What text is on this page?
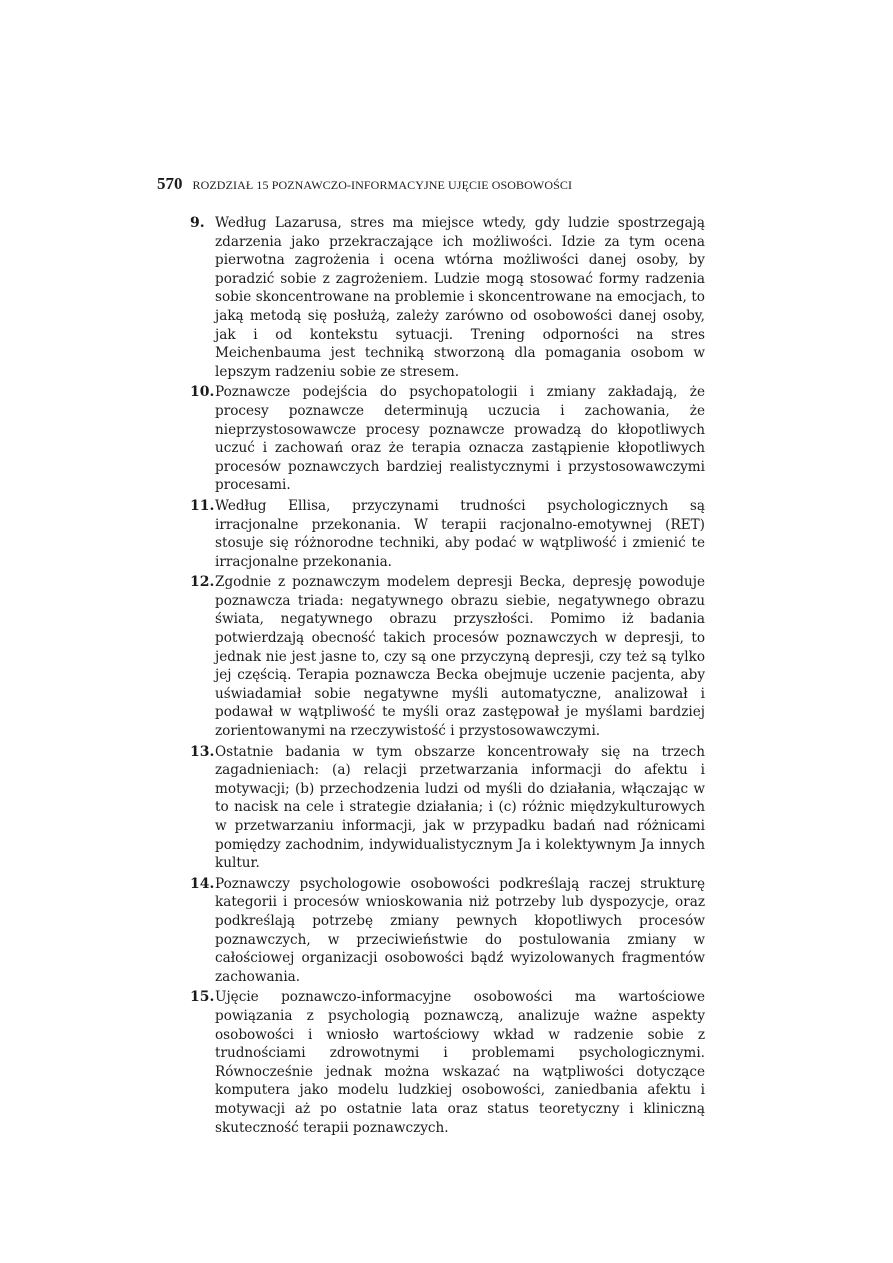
570 ROZDZIAŁ 15 POZNAWCZO-INFORMACYJNE UJĘCIE OSOBOWOŚCI
9. Według Lazarusa, stres ma miejsce wtedy, gdy ludzie spostrzegają zdarzenia jako przekraczające ich możliwości. Idzie za tym ocena pierwotna zagrożenia i ocena wtórna możliwości danej osoby, by poradzić sobie z zagrożeniem. Ludzie mogą stosować formy radzenia sobie skoncentrowane na problemie i skoncentrowane na emocjach, to jaką metodą się posłużą, zależy zarówno od osobowości danej osoby, jak i od kontekstu sytuacji. Trening odporności na stres Meichenbauma jest techniką stworzoną dla pomagania osobom w lepszym radzeniu sobie ze stresem.
10. Poznawcze podejścia do psychopatologii i zmiany zakładają, że procesy poznawcze determinują uczucia i zachowania, że nieprzystosowawcze procesy poznawcze prowadzą do kłopotliwych uczuć i zachowań oraz że terapia oznacza zastąpienie kłopotliwych procesów poznawczych bardziej realistycznymi i przystosowawczymi procesami.
11. Według Ellisa, przyczynami trudności psychologicznych są irracjonalne przekonania. W terapii racjonalno-emotywnej (RET) stosuje się różnorodne techniki, aby podać w wątpliwość i zmienić te irracjonalne przekonania.
12. Zgodnie z poznawczym modelem depresji Becka, depresję powoduje poznawcza triada: negatywnego obrazu siebie, negatywnego obrazu świata, negatywnego obrazu przyszłości. Pomimo iż badania potwierdzają obecność takich procesów poznawczych w depresji, to jednak nie jest jasne to, czy są one przyczyną depresji, czy też są tylko jej częścią. Terapia poznawcza Becka obejmuje uczenie pacjenta, aby uświadamiał sobie negatywne myśli automatyczne, analizował i podawał w wątpliwość te myśli oraz zastępował je myślami bardziej zorientowanymi na rzeczywistość i przystosowawczymi.
13. Ostatnie badania w tym obszarze koncentrowały się na trzech zagadnieniach: (a) relacji przetwarzania informacji do afektu i motywacji; (b) przechodzenia ludzi od myśli do działania, włączając w to nacisk na cele i strategie działania; i (c) różnic międzykulturowych w przetwarzaniu informacji, jak w przypadku badań nad różnicami pomiędzy zachodnim, indywidualistycznym Ja i kolektywnym Ja innych kultur.
14. Poznawczy psychologowie osobowości podkreślają raczej strukturę kategorii i procesów wnioskowania niż potrzeby lub dyspozycje, oraz podkreślają potrzebę zmiany pewnych kłopotliwych procesów poznawczych, w przeciwieństwie do postulowania zmiany w całościowej organizacji osobowości bądź wyizolowanych fragmentów zachowania.
15. Ujęcie poznawczo-informacyjne osobowości ma wartościowe powiązania z psychologią poznawczą, analizuje ważne aspekty osobowości i wniosło wartościowy wkład w radzenie sobie z trudnościami zdrowotnymi i problemami psychologicznymi. Równocześnie jednak można wskazać na wątpliwości dotyczące komputera jako modelu ludzkiej osobowości, zaniedbania afektu i motywacji aż po ostatnie lata oraz status teoretyczny i kliniczną skuteczność terapii poznawczych.
